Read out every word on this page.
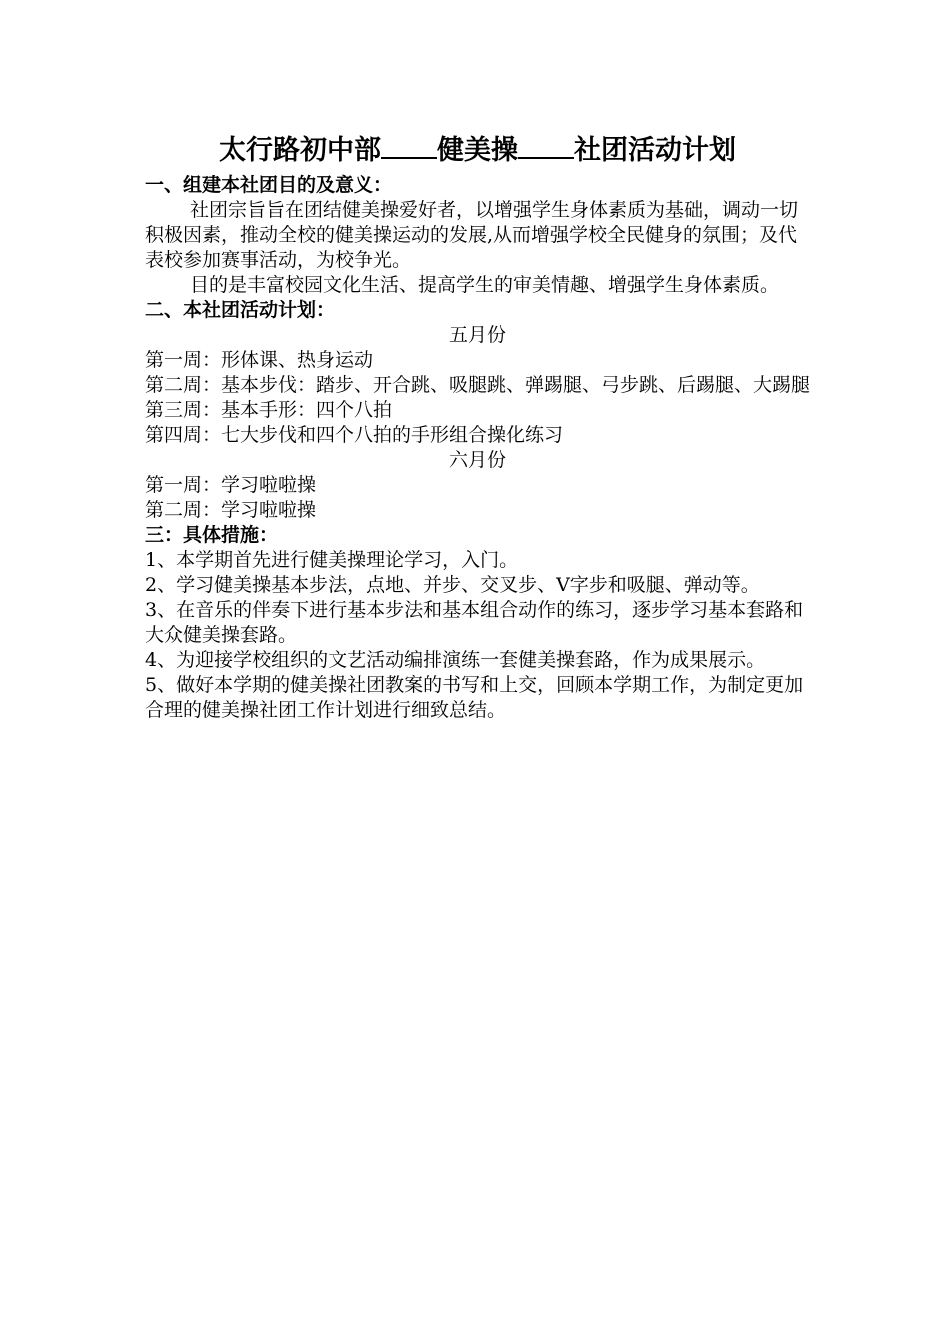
太行路初中部 健美操 社团活动计划

一、组建本社团目的及意义：

社团宗旨旨在团结健美操爱好者，以增强学生身体素质为基础，调动一切积极因素，推动全校的健美操运动的发展,从而增强学校全民健身的氛围；及代表校参加赛事活动，为校争光。

目的是丰富校园文化生活、提高学生的审美情趣、增强学生身体素质。

二、本社团活动计划：

五月份

第一周：形体课、热身运动

第二周：基本步伐：踏步、开合跳、吸腿跳、弹踢腿、弓步跳、后踢腿、大踢腿

第三周：基本手形：四个八拍

第四周：七大步伐和四个八拍的手形组合操化练习

六月份

第一周：学习啦啦操

第二周：学习啦啦操

三：具体措施：

1、本学期首先进行健美操理论学习，入门。

2、学习健美操基本步法，点地、并步、交叉步、V字步和吸腿、弹动等。

3、在音乐的伴奏下进行基本步法和基本组合动作的练习，逐步学习基本套路和大众健美操套路。

4、为迎接学校组织的文艺活动编排演练一套健美操套路，作为成果展示。

5、做好本学期的健美操社团教案的书写和上交，回顾本学期工作，为制定更加合理的健美操社团工作计划进行细致总结。
